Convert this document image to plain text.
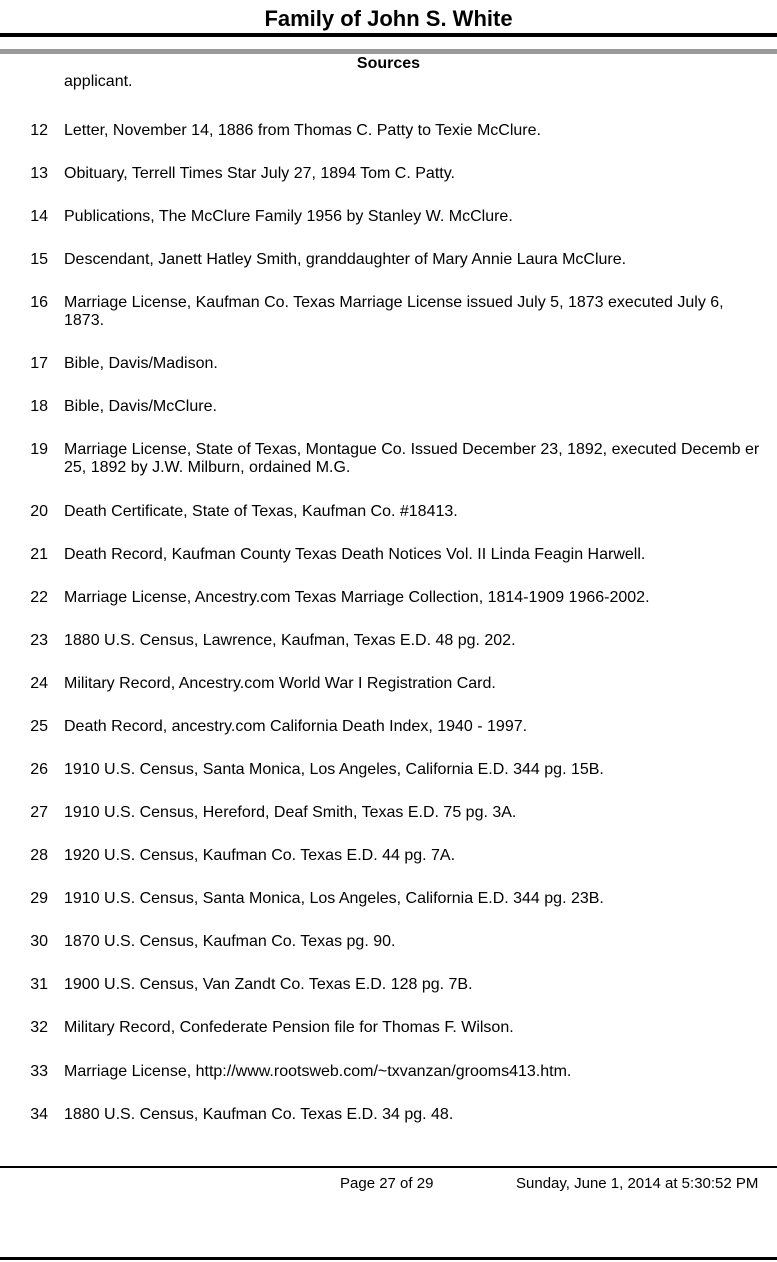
Family of John S. White
Sources
applicant.
12 Letter, November 14, 1886 from Thomas C. Patty to Texie McClure.
13 Obituary, Terrell Times Star July 27, 1894 Tom C. Patty.
14 Publications, The McClure Family 1956 by Stanley W. McClure.
15 Descendant, Janett Hatley Smith, granddaughter of Mary Annie Laura McClure.
16 Marriage License, Kaufman Co. Texas Marriage License issued July 5, 1873 executed July 6, 1873.
17 Bible, Davis/Madison.
18 Bible, Davis/McClure.
19 Marriage License, State of Texas, Montague Co. Issued December 23, 1892, executed Decemb er 25, 1892 by J.W. Milburn, ordained M.G.
20 Death Certificate, State of Texas, Kaufman Co. #18413.
21 Death Record, Kaufman County Texas Death Notices Vol. II Linda Feagin Harwell.
22 Marriage License, Ancestry.com Texas Marriage Collection, 1814-1909 1966-2002.
23 1880 U.S. Census, Lawrence, Kaufman, Texas E.D. 48 pg. 202.
24 Military Record, Ancestry.com World War I Registration Card.
25 Death Record, ancestry.com California Death Index, 1940 - 1997.
26 1910 U.S. Census, Santa Monica, Los Angeles, California E.D. 344 pg. 15B.
27 1910 U.S. Census, Hereford, Deaf Smith, Texas E.D. 75 pg. 3A.
28 1920 U.S. Census, Kaufman Co. Texas E.D. 44 pg. 7A.
29 1910 U.S. Census, Santa Monica, Los Angeles, California E.D. 344 pg. 23B.
30 1870 U.S. Census, Kaufman Co. Texas pg. 90.
31 1900 U.S. Census, Van Zandt Co. Texas E.D. 128 pg. 7B.
32 Military Record, Confederate Pension file for Thomas F. Wilson.
33 Marriage License, http://www.rootsweb.com/~txvanzan/grooms413.htm.
34 1880 U.S. Census, Kaufman Co. Texas E.D. 34 pg. 48.
Page 27 of 29	Sunday, June 1, 2014 at 5:30:52 PM
